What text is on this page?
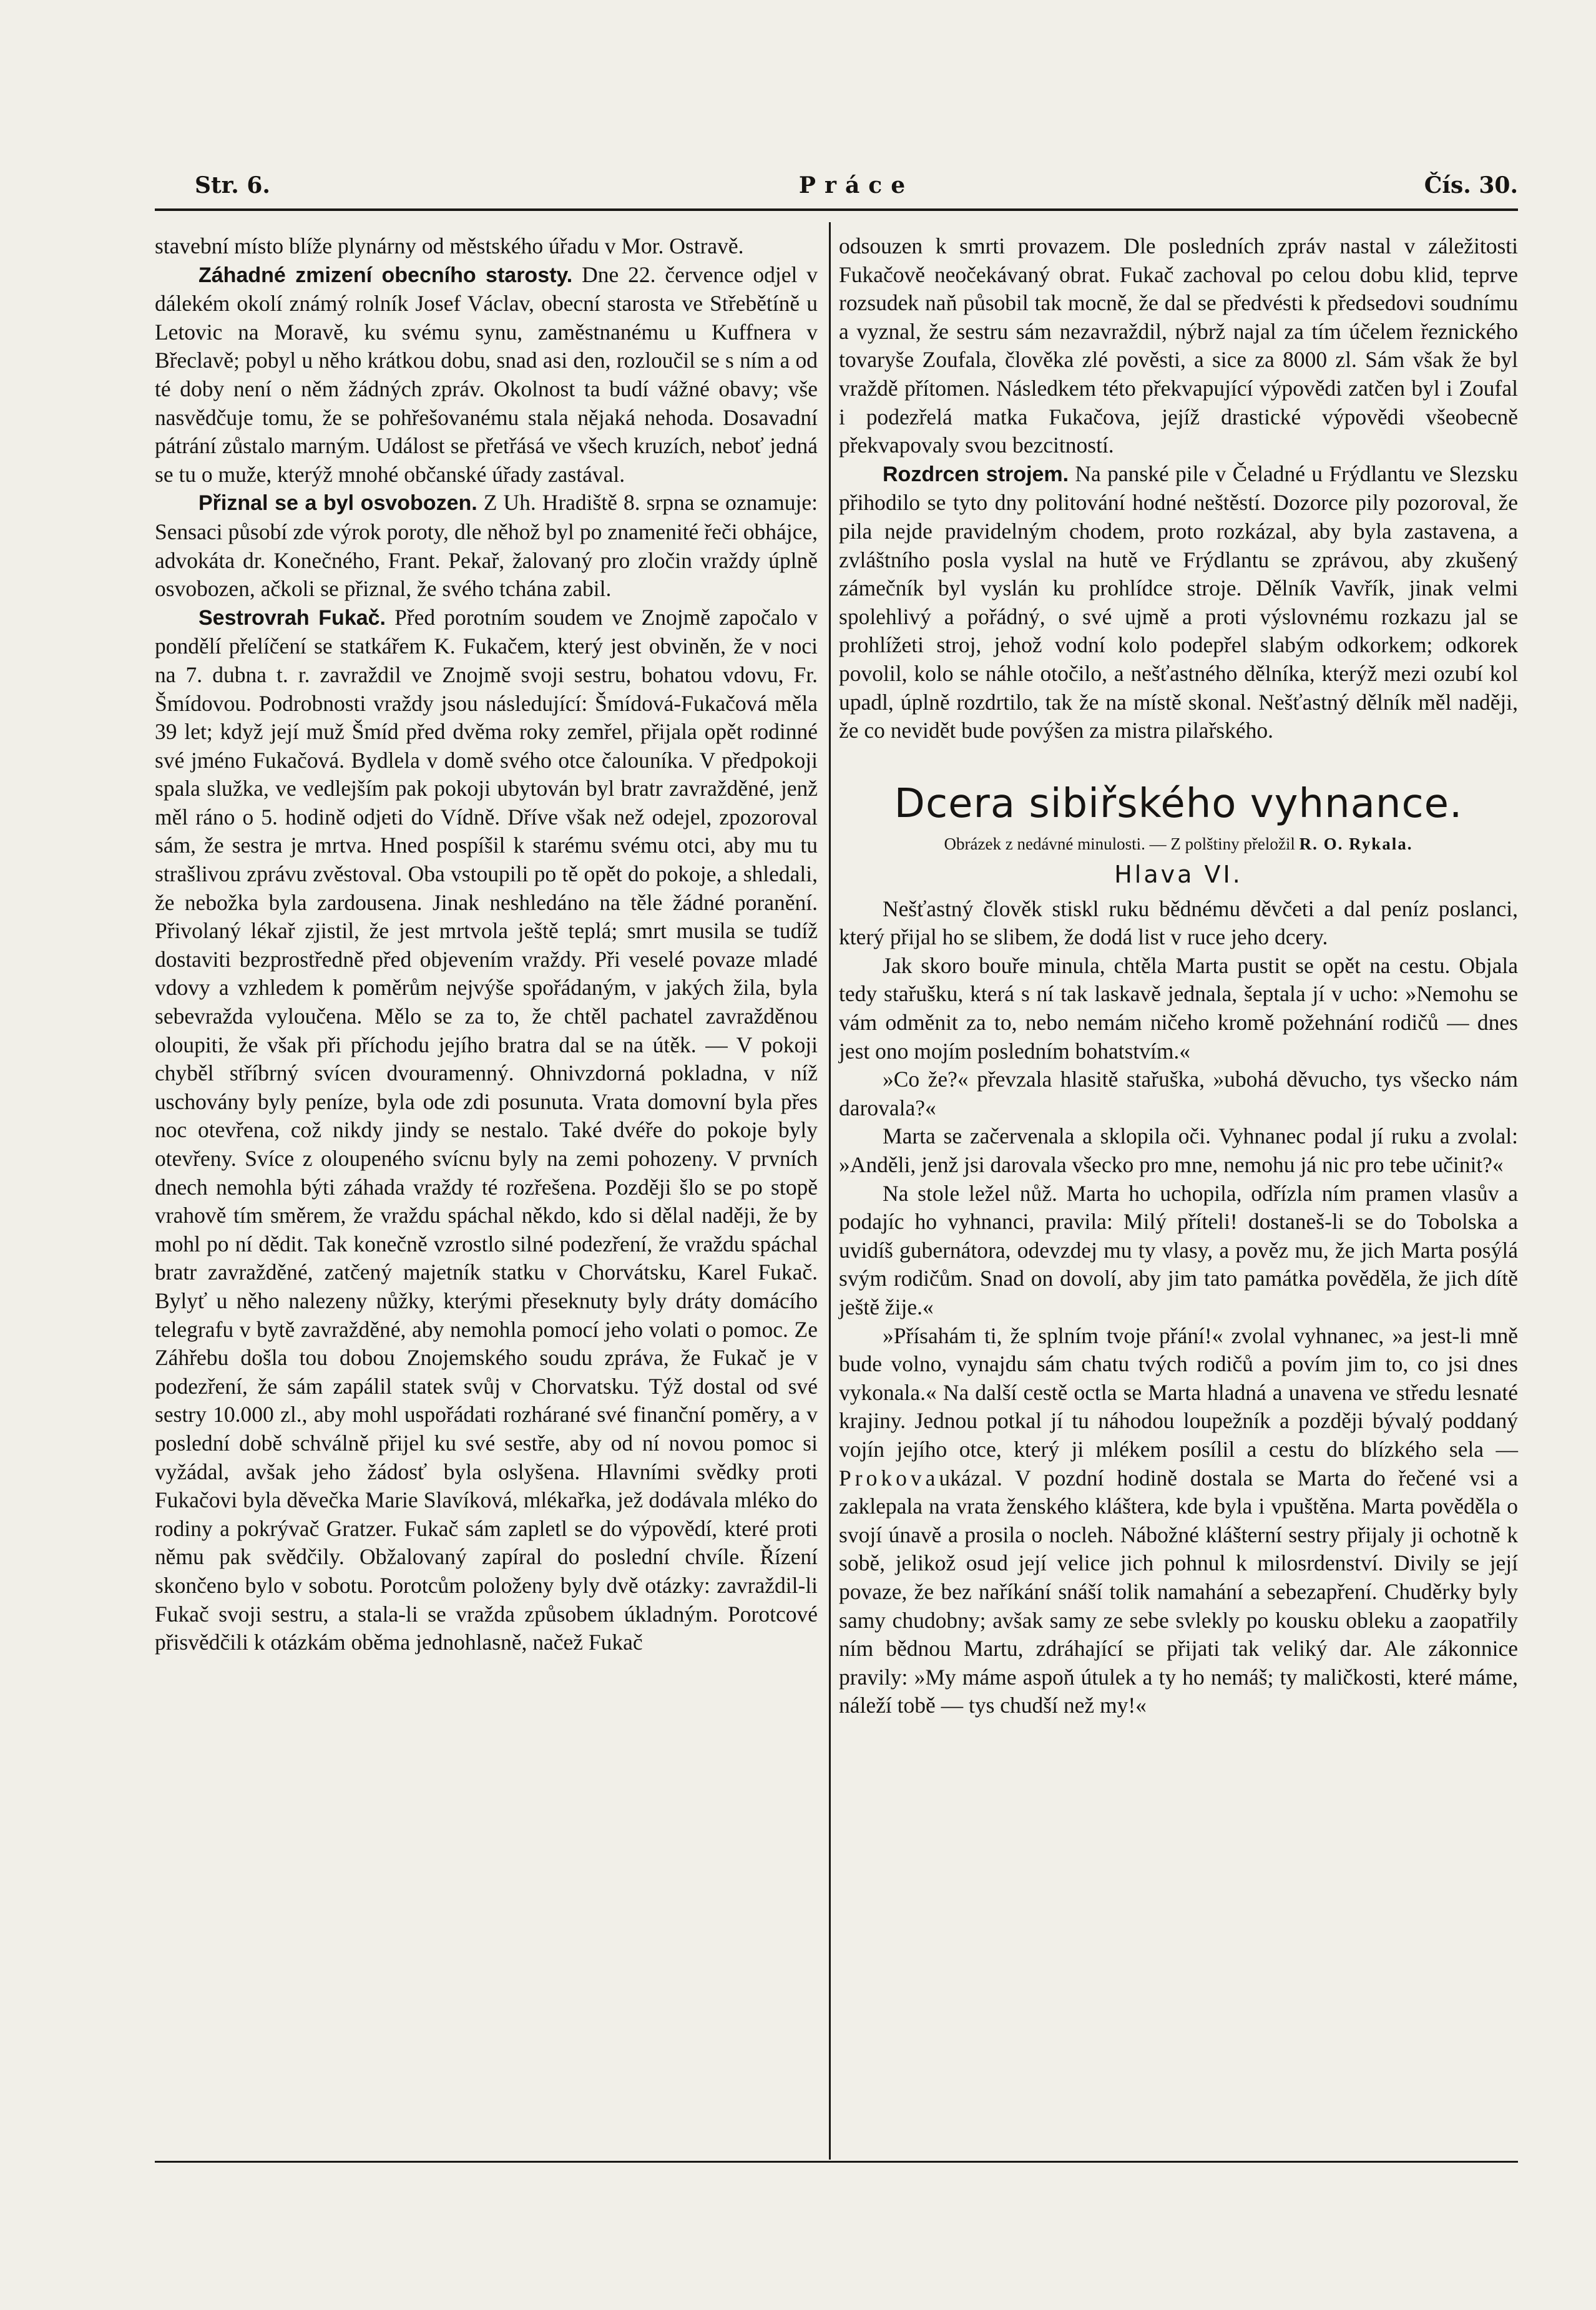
Str. 6.	Práce	Čís. 30.

stavební místo blíže plynárny od městského úřadu v Mor. Ostravě.

Záhadné zmizení obecního starosty. Dne 22. července odjel v dálekém okolí známý rolník Josef Václav, obecní starosta ve Střebětíně u Letovic na Moravě, ku svému synu, zaměstnanému u Kuffnera v Břeclavě; pobyl u něho krátkou dobu, snad asi den, rozloučil se s ním a od té doby není o něm žádných zpráv. Okolnost ta budí vážné obavy; vše nasvědčuje tomu, že se pohřešovanému stala nějaká nehoda. Dosavadní pátrání zůstalo marným. Událost se přetřásá ve všech kruzích, neboť jedná se tu o muže, kterýž mnohé občanské úřady zastával.

Přiznal se a byl osvobozen. Z Uh. Hradiště 8. srpna se oznamuje: Sensaci působí zde výrok poroty, dle něhož byl po znamenité řeči obhájce, advokáta dr. Konečného, Frant. Pekař, žalovaný pro zločin vraždy úplně osvobozen, ačkoli se přiznal, že svého tchána zabil.

Sestrovrah Fukač. Před porotním soudem ve Znojmě započalo v pondělí přelíčení se statkářem K. Fukačem, který jest obviněn, že v noci na 7. dubna t. r. zavraždil ve Znojmě svoji sestru, bohatou vdovu, Fr. Šmídovou. Podrobnosti vraždy jsou následující: Šmídová-Fukačová měla 39 let; když její muž Šmíd před dvěma roky zemřel, přijala opět rodinné své jméno Fukačová. Bydlela v domě svého otce čalouníka. V předpokoji spala služka, ve vedlejším pak pokoji ubytován byl bratr zavražděné, jenž měl ráno o 5. hodině odjeti do Vídně. Dříve však než odejel, zpozoroval sám, že sestra je mrtva. Hned pospíšil k starému svému otci, aby mu tu strašlivou zprávu zvěstoval. Oba vstoupili po tě opět do pokoje, a shledali, že nebožka byla zardousena. Jinak neshledáno na těle žádné poranění. Přivolaný lékař zjistil, že jest mrtvola ještě teplá; smrt musila se tudíž dostaviti bezprostředně před objevením vraždy. Při veselé povaze mladé vdovy a vzhledem k poměrům nejvýše spořádaným, v jakých žila, byla sebevražda vyloučena. Mělo se za to, že chtěl pachatel zavražděnou oloupiti, že však při příchodu jejího bratra dal se na útěk. — V pokoji chyběl stříbrný svícen dvouramenný. Ohnivzdorná pokladna, v níž uschovány byly peníze, byla ode zdi posunuta. Vrata domovní byla přes noc otevřena, což nikdy jindy se nestalo. Také dvéře do pokoje byly otevřeny. Svíce z oloupeného svícnu byly na zemi pohozeny. V prvních dnech nemohla býti záhada vraždy té rozřešena. Později šlo se po stopě vrahově tím směrem, že vraždu spáchal někdo, kdo si dělal naději, že by mohl po ní dědit. Tak konečně vzrostlo silné podezření, že vraždu spáchal bratr zavražděné, zatčený majetník statku v Chorvátsku, Karel Fukač. Bylyť u něho nalezeny nůžky, kterými přeseknuty byly dráty domácího telegrafu v bytě zavražděné, aby nemohla pomocí jeho volati o pomoc. Ze Záhřebu došla tou dobou Znojemského soudu zpráva, že Fukač je v podezření, že sám zapálil statek svůj v Chorvatsku. Týž dostal od své sestry 10.000 zl., aby mohl uspořádati rozhárané své finanční poměry, a v poslední době schválně přijel ku své sestře, aby od ní novou pomoc si vyžádal, avšak jeho žádosť byla oslyšena. Hlavními svědky proti Fukačovi byla děvečka Marie Slavíková, mlékařka, jež dodávala mléko do rodiny a pokrývač Gratzer. Fukač sám zapletl se do výpovědí, které proti němu pak svědčily. Obžalovaný zapíral do poslední chvíle. Řízení skončeno bylo v sobotu. Porotcům položeny byly dvě otázky: zavraždil-li Fukač svoji sestru, a stala-li se vražda způsobem úkladným. Porotcové přisvědčili k otázkám oběma jednohlasně, načež Fukač

odsouzen k smrti provazem. Dle posledních zpráv nastal v záležitosti Fukačově neočekávaný obrat. Fukač zachoval po celou dobu klid, teprve rozsudek naň působil tak mocně, že dal se předvésti k předsedovi soudnímu a vyznal, že sestru sám nezavraždil, nýbrž najal za tím účelem řeznického tovaryše Zoufala, člověka zlé pověsti, a sice za 8000 zl. Sám však že byl vraždě přítomen. Následkem této překvapující výpovědi zatčen byl i Zoufal i podezřelá matka Fukačova, jejíž drastické výpovědi všeobecně překvapovaly svou bezcitností.

Rozdrcen strojem. Na panské pile v Čeladné u Frýdlantu ve Slezsku přihodilo se tyto dny politování hodné neštěstí. Dozorce pily pozoroval, že pila nejde pravidelným chodem, proto rozkázal, aby byla zastavena, a zvláštního posla vyslal na hutě ve Frýdlantu se zprávou, aby zkušený zámečník byl vyslán ku prohlídce stroje. Dělník Vavřík, jinak velmi spolehlivý a pořádný, o své ujmě a proti výslovnému rozkazu jal se prohlížeti stroj, jehož vodní kolo podepřel slabým odkorkem; odkorek povolil, kolo se náhle otočilo, a nešťastného dělníka, kterýž mezi ozubí kol upadl, úplně rozdrtilo, tak že na místě skonal. Nešťastný dělník měl naději, že co nevidět bude povýšen za mistra pilařského.

Dcera sibiřského vyhnance.
Obrázek z nedávné minulosti. — Z polštiny přeložil R. O. Rykala.
Hlava VI.

Nešťastný člověk stiskl ruku bědnému děvčeti a dal peníz poslanci, který přijal ho se slibem, že dodá list v ruce jeho dcery.

Jak skoro bouře minula, chtěla Marta pustit se opět na cestu. Objala tedy stařušku, která s ní tak laskavě jednala, šeptala jí v ucho: »Nemohu se vám odměnit za to, nebo nemám ničeho kromě požehnání rodičů — dnes jest ono mojím posledním bohatstvím.«

»Co že?« převzala hlasitě stařuška, »ubohá děvucho, tys všecko nám darovala?«

Marta se začervenala a sklopila oči. Vyhnanec podal jí ruku a zvolal: »Anděli, jenž jsi darovala všecko pro mne, nemohu já nic pro tebe učinit?«

Na stole ležel nůž. Marta ho uchopila, odřízla ním pramen vlasův a podajíc ho vyhnanci, pravila: Milý příteli! dostaneš-li se do Tobolska a uvidíš gubernátora, odevzdej mu ty vlasy, a pověz mu, že jich Marta posýlá svým rodičům. Snad on dovolí, aby jim tato památka pověděla, že jich dítě ještě žije.«

»Přísahám ti, že splním tvoje přání!« zvolal vyhnanec, »a jest-li mně bude volno, vynajdu sám chatu tvých rodičů a povím jim to, co jsi dnes vykonala.« Na další cestě octla se Marta hladná a unavena ve středu lesnaté krajiny. Jednou potkal jí tu náhodou loupežník a později bývalý poddaný vojín jejího otce, který ji mlékem posílil a cestu do blízkého sela — Prokovaukázal. V pozdní hodině dostala se Marta do řečené vsi a zaklepala na vrata ženského kláštera, kde byla i vpuštěna. Marta pověděla o svojí únavě a prosila o nocleh. Nábožné klášterní sestry přijaly ji ochotně k sobě, jelikož osud její velice jich pohnul k milosrdenství. Divily se její povaze, že bez naříkání snáší tolik namahání a sebezapření. Chuděrky byly samy chudobny; avšak samy ze sebe svlekly po kousku obleku a zaopatřily ním bědnou Martu, zdráhající se přijati tak veliký dar. Ale zákonnice pravily: »My máme aspoň útulek a ty ho nemáš; ty maličkosti, které máme, náleží tobě — tys chudší než my!«
